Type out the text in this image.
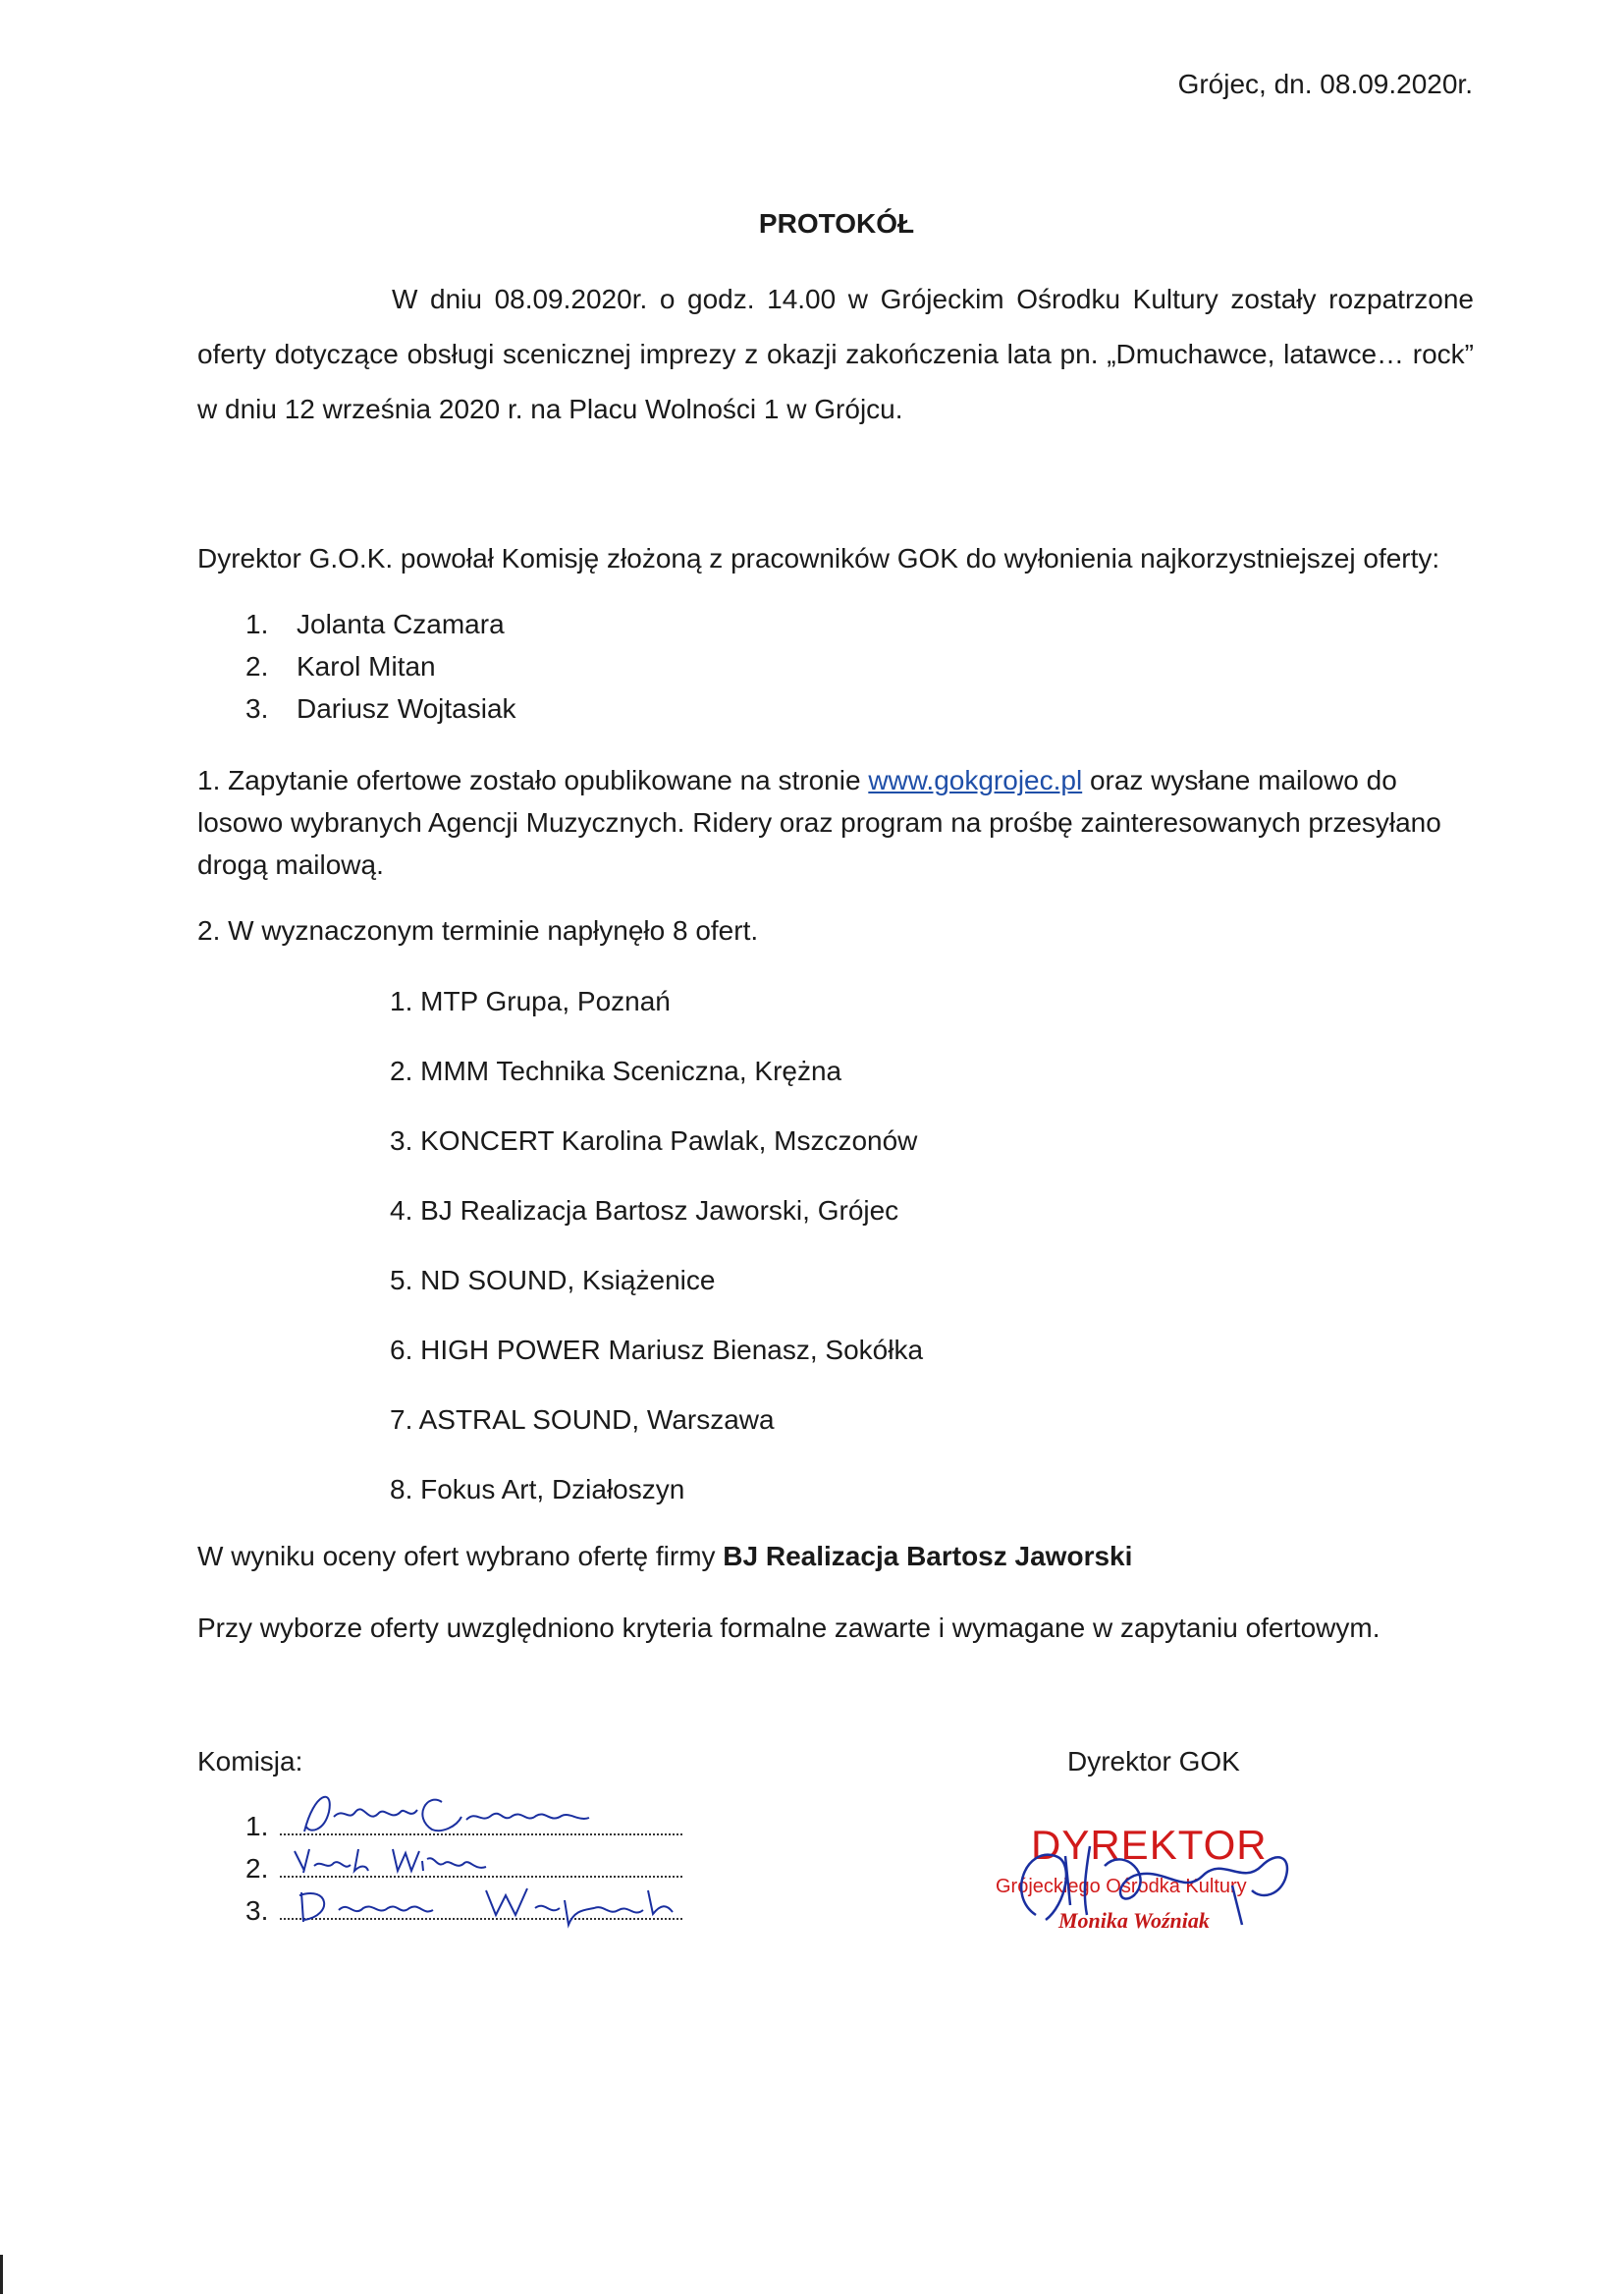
Grójec, dn. 08.09.2020r.
PROTOKÓŁ
W dniu 08.09.2020r. o godz. 14.00 w Grójeckim Ośrodku Kultury zostały rozpatrzone oferty dotyczące obsługi scenicznej imprezy z okazji zakończenia lata pn. „Dmuchawce, latawce… rock” w dniu 12 września 2020 r. na Placu Wolności 1 w Grójcu.
Dyrektor G.O.K. powołał Komisję złożoną z pracowników GOK do wyłonienia najkorzystniejszej oferty:
1. Jolanta Czamara
2. Karol Mitan
3. Dariusz Wojtasiak
1. Zapytanie ofertowe zostało opublikowane na stronie www.gokgrojec.pl oraz wysłane mailowo do losowo wybranych Agencji Muzycznych. Ridery oraz program na prośbę zainteresowanych przesyłano drogą mailową.
2. W wyznaczonym terminie napłynęło 8 ofert.
1. MTP Grupa, Poznań
2. MMM Technika Sceniczna, Krężna
3. KONCERT Karolina Pawlak, Mszczonów
4. BJ Realizacja Bartosz Jaworski, Grójec
5. ND SOUND, Książenice
6. HIGH POWER Mariusz Bienasz, Sokółka
7. ASTRAL SOUND, Warszawa
8. Fokus Art, Działoszyn
W wyniku oceny ofert wybrano ofertę firmy BJ Realizacja Bartosz Jaworski
Przy wyborze oferty uwzględniono kryteria formalne zawarte i wymagane w zapytaniu ofertowym.
Komisja:	Dyrektor GOK
1.
2.
3.
DYREKTOR
Grójeckiego Ośrodka Kultury
Monika Woźniak
